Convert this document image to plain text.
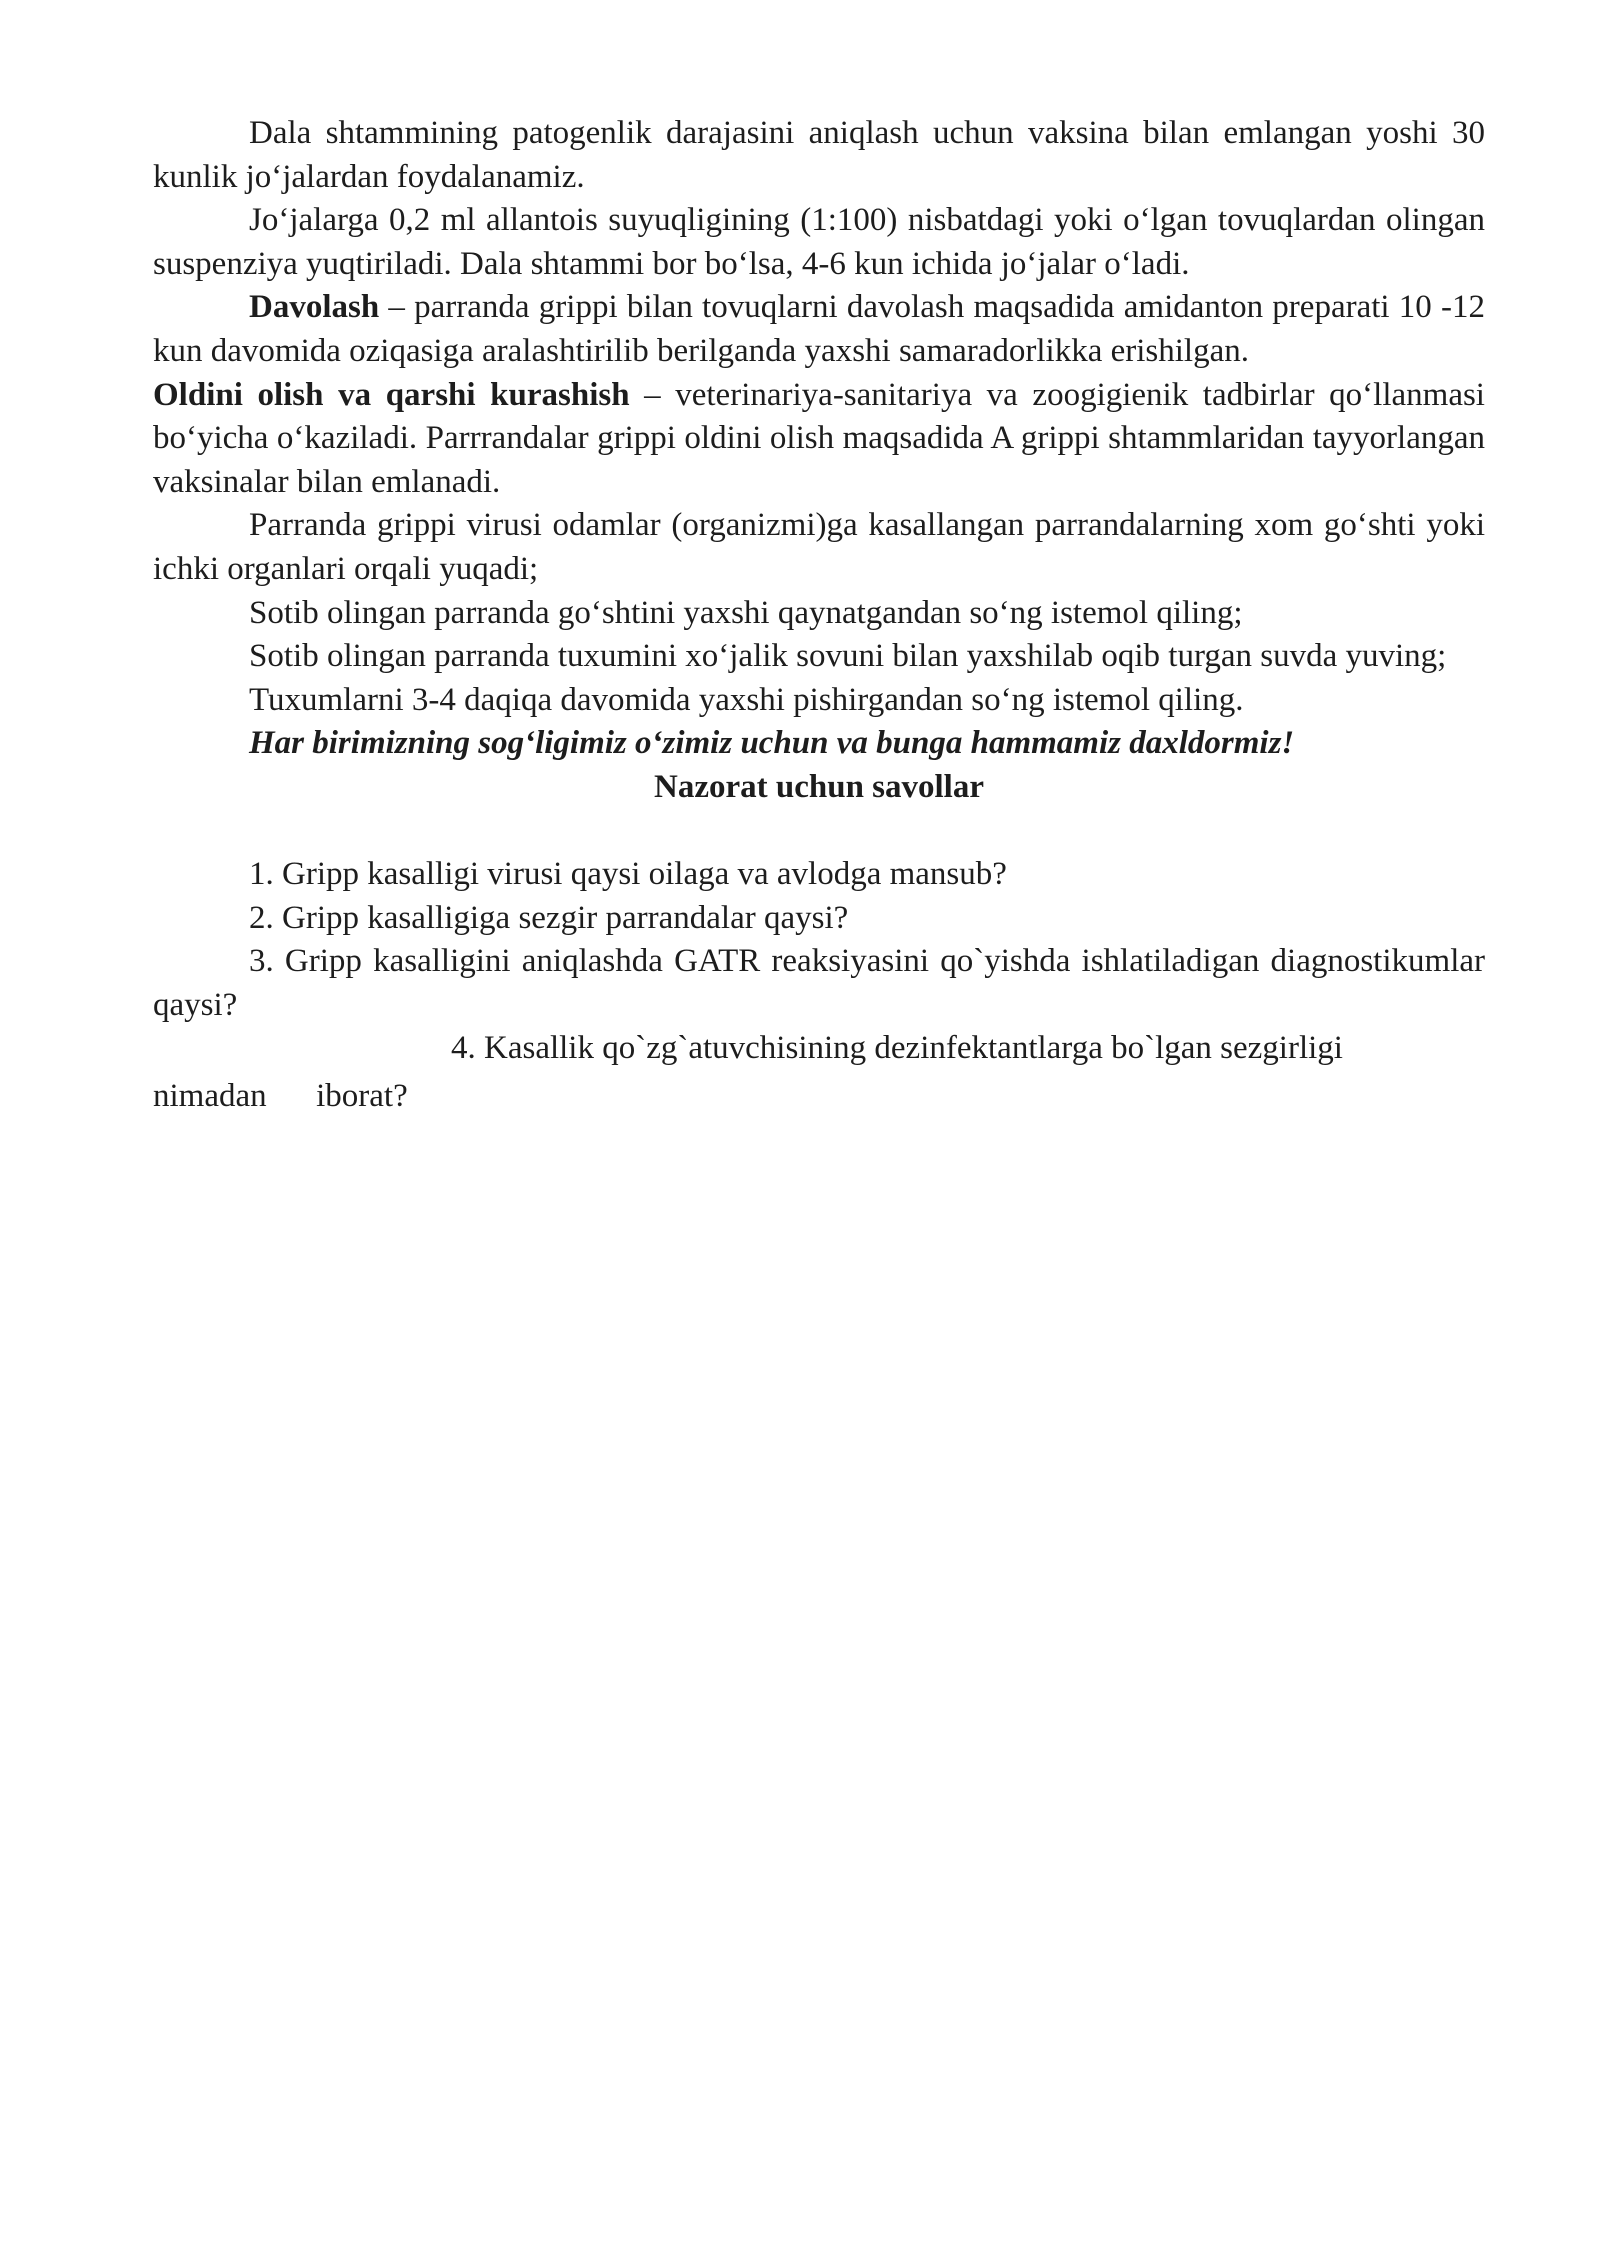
Dala shtammining patogenlik darajasini aniqlash uchun vaksina bilan emlangan yoshi 30 kunlik jo‘jalardan foydalanamiz.

Jo‘jalarga 0,2 ml allantois suyuqligining (1:100) nisbatdagi yoki o‘lgan tovuqlardan olingan suspenziya yuqtiriladi. Dala shtammi bor bo‘lsa, 4-6 kun ichida jo‘jalar o‘ladi.

Davolash – parranda grippi bilan tovuqlarni davolash maqsadida amidanton preparati 10 -12 kun davomida oziqasiga aralashtirilib berilganda yaxshi samaradorlikka erishilgan.

Oldini olish va qarshi kurashish – veterinariya-sanitariya va zoogigienik tadbirlar qo‘llanmasi bo‘yicha o‘kaziladi. Parrrandalar grippi oldini olish maqsadida A grippi shtammlaridan tayyorlangan vaksinalar bilan emlanadi.

Parranda grippi virusi odamlar (organizmi)ga kasallangan parrandalarning xom go‘shti yoki ichki organlari orqali yuqadi;

Sotib olingan parranda go‘shtini yaxshi qaynatgandan so‘ng istemol qiling;

Sotib olingan parranda tuxumini xo‘jalik sovuni bilan yaxshilab oqib turgan suvda yuving;

Tuxumlarni 3-4 daqiqa davomida yaxshi pishirgandan so‘ng istemol qiling.

Har birimizning sog‘ligimiz o‘zimiz uchun va bunga hammamiz daxldormiz!

Nazorat uchun savollar

1. Gripp kasalligi virusi qaysi oilaga va avlodga mansub?

2. Gripp kasalligiga sezgir parrandalar qaysi?

3. Gripp kasalligini aniqlashda GATR reaksiyasini qo`yishda ishlatiladigan diagnostikumlar qaysi?

4. Kasallik qo`zg`atuvchisining dezinfektantlarga bo`lgan sezgirligi

nimadan      iborat?
